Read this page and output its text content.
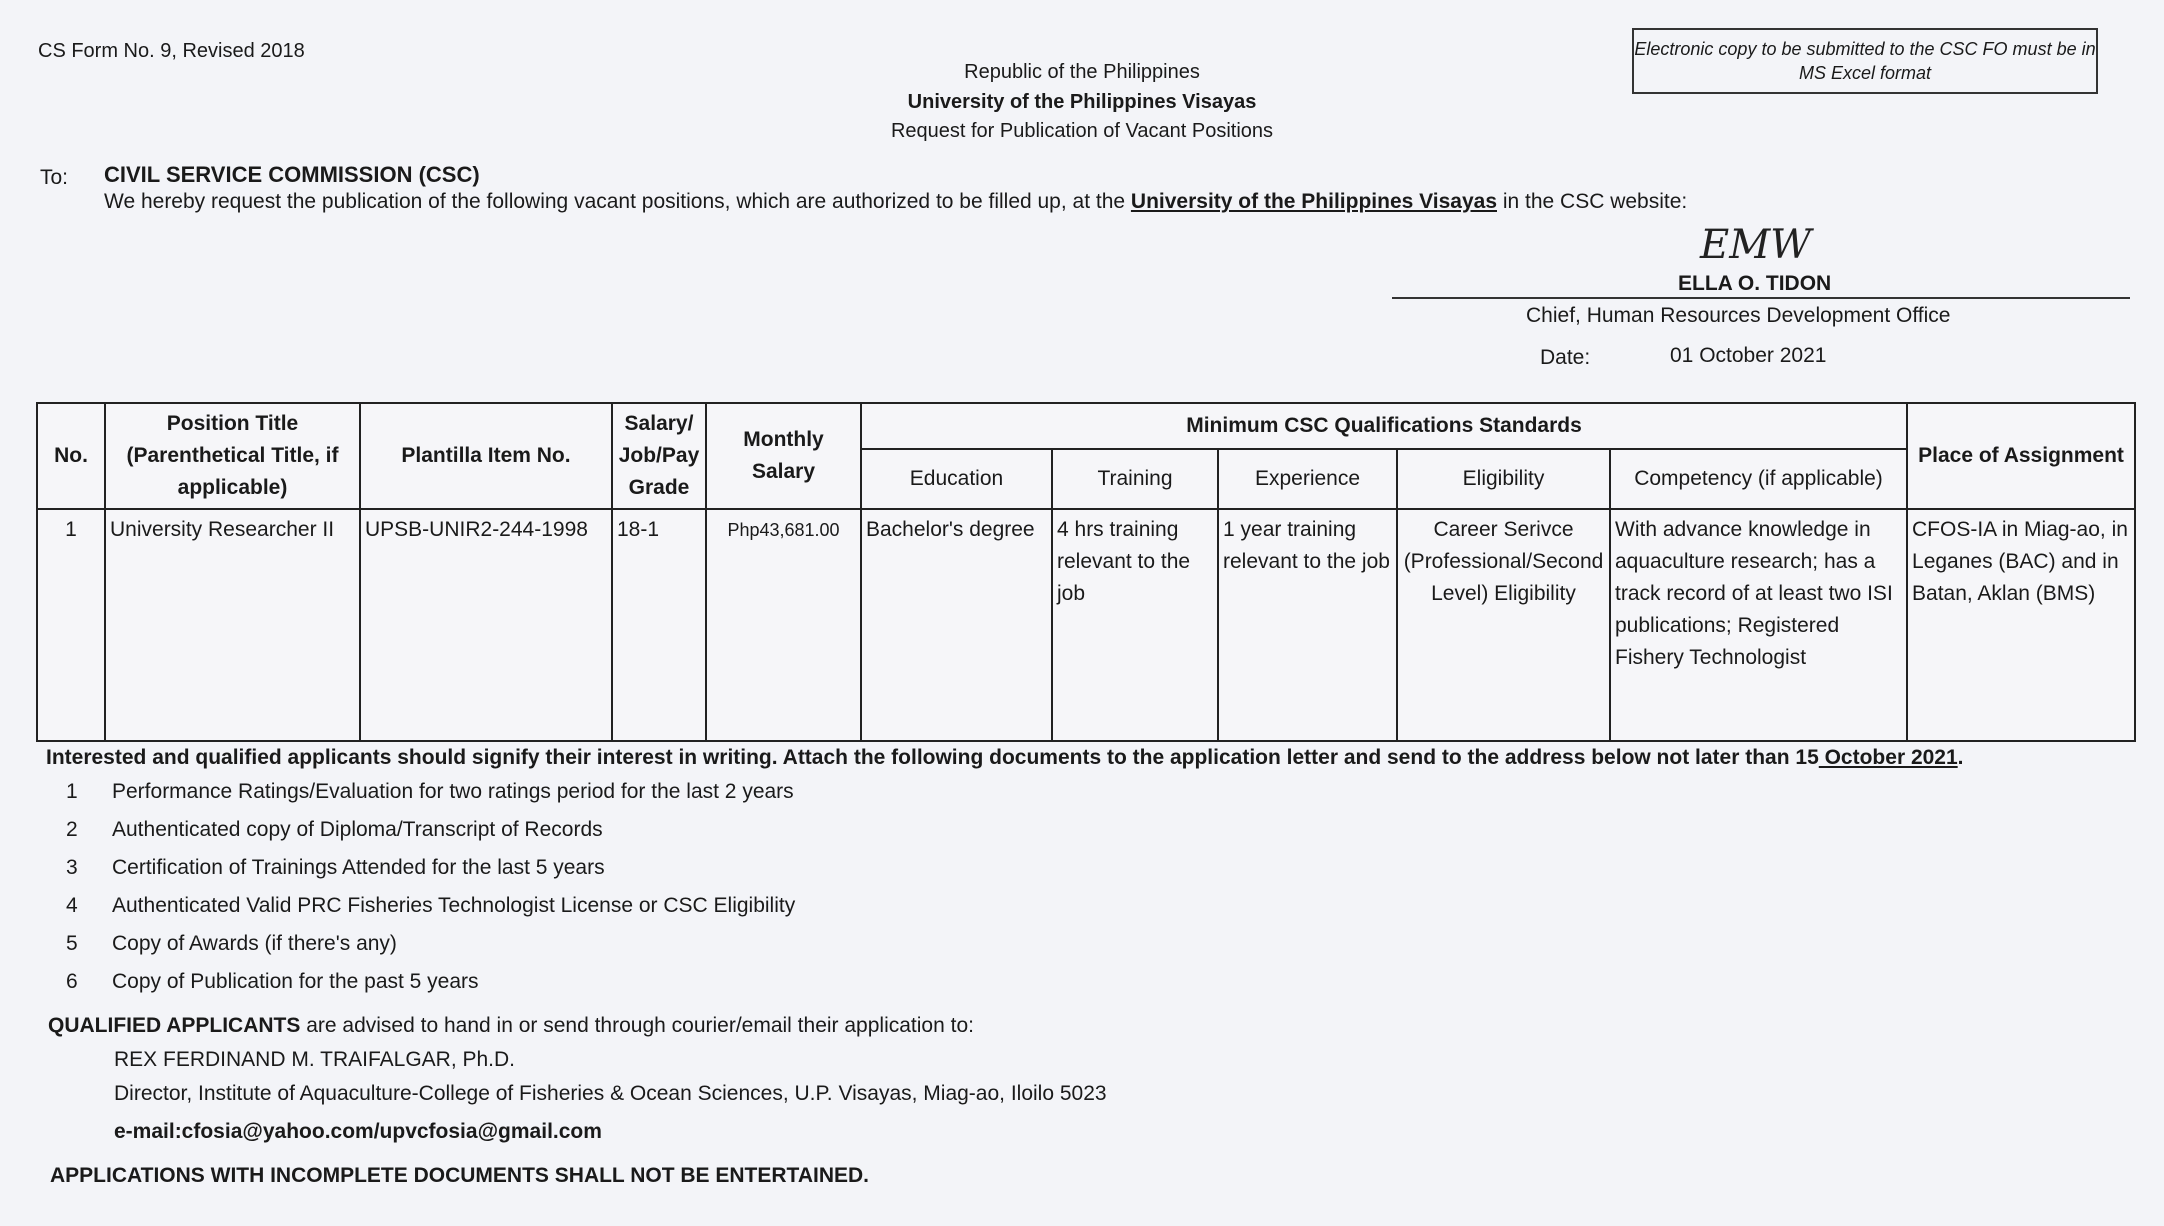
CS Form No. 9, Revised 2018	Electronic copy to be submitted to the CSC FO must be in MS Excel format
Republic of the Philippines
University of the Philippines Visayas
Request for Publication of Vacant Positions
To: CIVIL SERVICE COMMISSION (CSC)
We hereby request the publication of the following vacant positions, which are authorized to be filled up, at the University of the Philippines Visayas in the CSC website:
EMW
ELLA O. TIDON
Chief, Human Resources Development Office
Date:	01 October 2021
No.	Position Title (Parenthetical Title, if applicable)	Plantilla Item No.	Salary/ Job/Pay Grade	Monthly Salary	Minimum CSC Qualifications Standards					Place of Assignment
					Education	Training	Experience	Eligibility	Competency (if applicable)	
1	University Researcher II	UPSB-UNIR2-244-1998	18-1	Php43,681.00	Bachelor's degree	4 hrs training relevant to the job	1 year training relevant to the job	Career Serivce (Professional/Second Level) Eligibility	With advance knowledge in aquaculture research; has a track record of at least two ISI publications; Registered Fishery Technologist	CFOS-IA in Miag-ao, in Leganes (BAC) and in Batan, Aklan (BMS)
Interested and qualified applicants should signify their interest in writing. Attach the following documents to the application letter and send to the address below not later than 15 October 2021.
1	Performance Ratings/Evaluation for two ratings period for the last 2 years
2	Authenticated copy of Diploma/Transcript of Records
3	Certification of Trainings Attended for the last 5 years
4	Authenticated Valid PRC Fisheries Technologist License or CSC Eligibility
5	Copy of Awards (if there's any)
6	Copy of Publication for the past 5 years
QUALIFIED APPLICANTS are advised to hand in or send through courier/email their application to:
REX FERDINAND M. TRAIFALGAR, Ph.D.
Director, Institute of Aquaculture-College of Fisheries & Ocean Sciences, U.P. Visayas, Miag-ao, Iloilo 5023
e-mail:cfosia@yahoo.com/upvcfosia@gmail.com
APPLICATIONS WITH INCOMPLETE DOCUMENTS SHALL NOT BE ENTERTAINED.
